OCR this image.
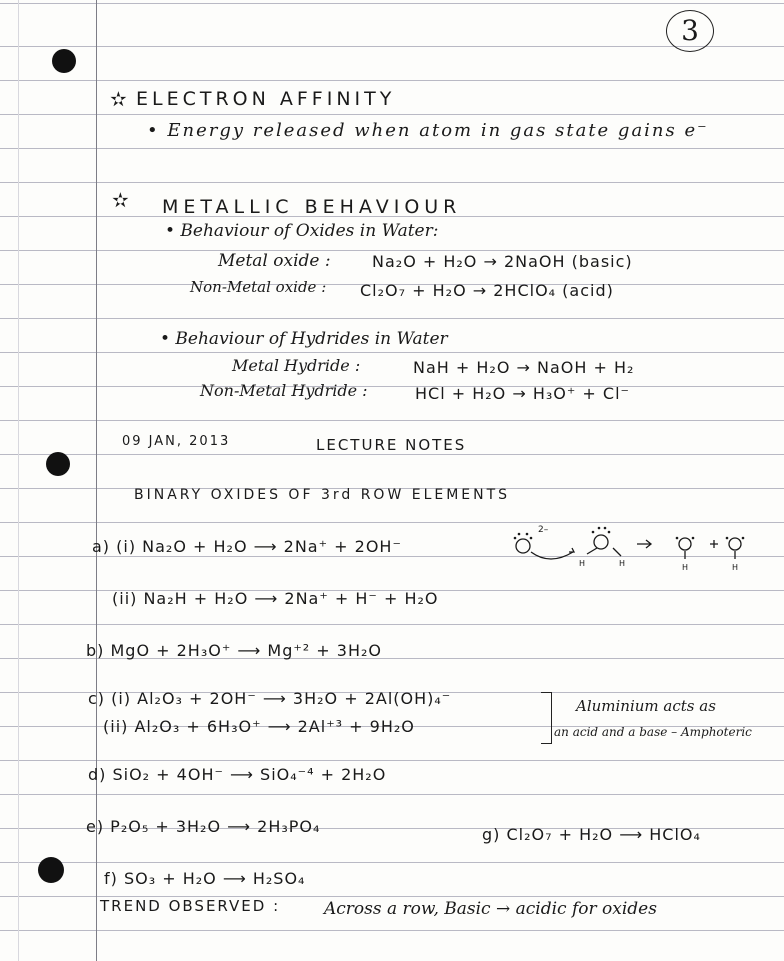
3
✫ ELECTRON AFFINITY
• Energy released when atom in gas state gains e⁻
✫ METALLIC BEHAVIOUR
• Behaviour of Oxides in Water:
Metal oxide :	Na₂O + H₂O → 2NaOH (basic)
Non-Metal oxide : Cl₂O₇ + H₂O → 2HClO₄ (acid)
• Behaviour of Hydrides in Water
Metal Hydride :	NaH + H₂O → NaOH + H₂
Non-Metal Hydride :	HCl + H₂O → H₃O⁺ + Cl⁻
09 JAN, 2013	LECTURE NOTES
BINARY OXIDES OF 3rd ROW ELEMENTS
a) (i) Na₂O + H₂O ⟶ 2Na⁺ + 2OH⁻
2–
H	H	H	H
(ii) Na₂H + H₂O ⟶ 2Na⁺ + H⁻ + H₂O
b) MgO + 2H₃O⁺ ⟶ Mg⁺² + 3H₂O
c) (i) Al₂O₃ + 2OH⁻ ⟶ 3H₂O + 2Al(OH)₄⁻
(ii) Al₂O₃ + 6H₃O⁺ ⟶ 2Al⁺³ + 9H₂O
Aluminium acts as
an acid and a base – Amphoteric
d) SiO₂ + 4OH⁻ ⟶ SiO₄⁻⁴ + 2H₂O
e) P₂O₅ + 3H₂O ⟶ 2H₃PO₄	g) Cl₂O₇ + H₂O ⟶ HClO₄
f) SO₃ + H₂O ⟶ H₂SO₄
TREND OBSERVED :	Across a row, Basic → acidic for oxides
